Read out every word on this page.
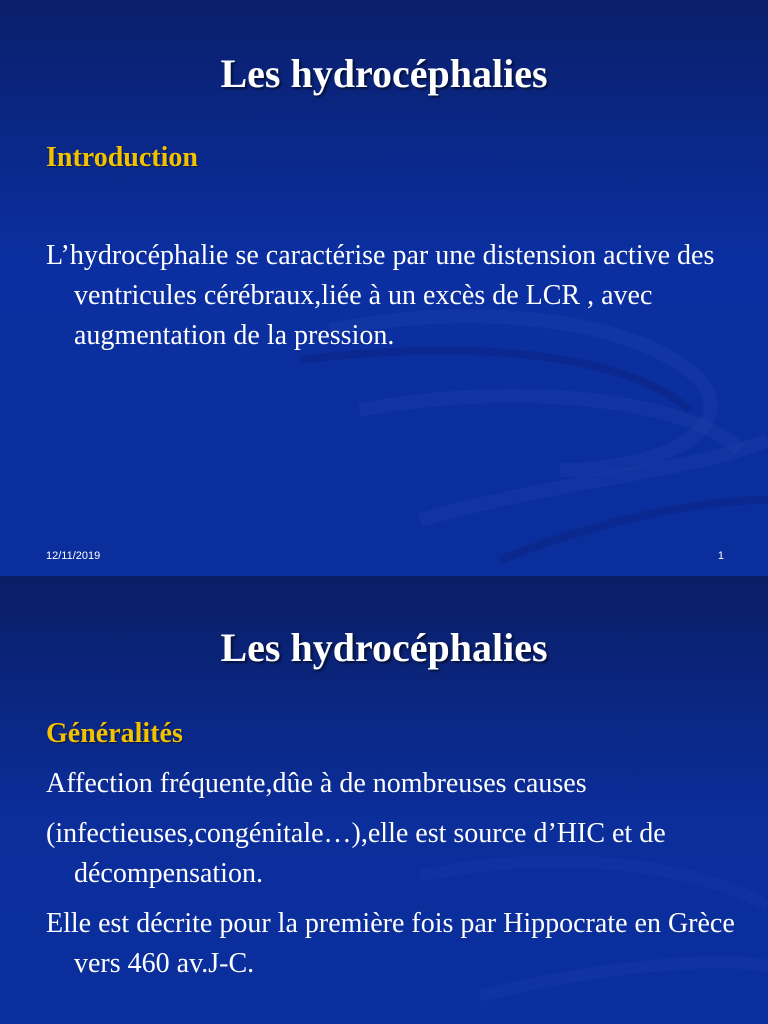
Les hydrocéphalies
Introduction

L’hydrocéphalie se caractérise par une distension active des ventricules cérébraux,liée à un excès de LCR , avec augmentation de la pression.

12/11/2019	1
Les hydrocéphalies
Généralités

Affection fréquente,dûe à de nombreuses causes

(infectieuses,congénitale…),elle est source d’HIC et de décompensation.

Elle est décrite pour la première fois par Hippocrate en Grèce vers 460 av.J-C.
